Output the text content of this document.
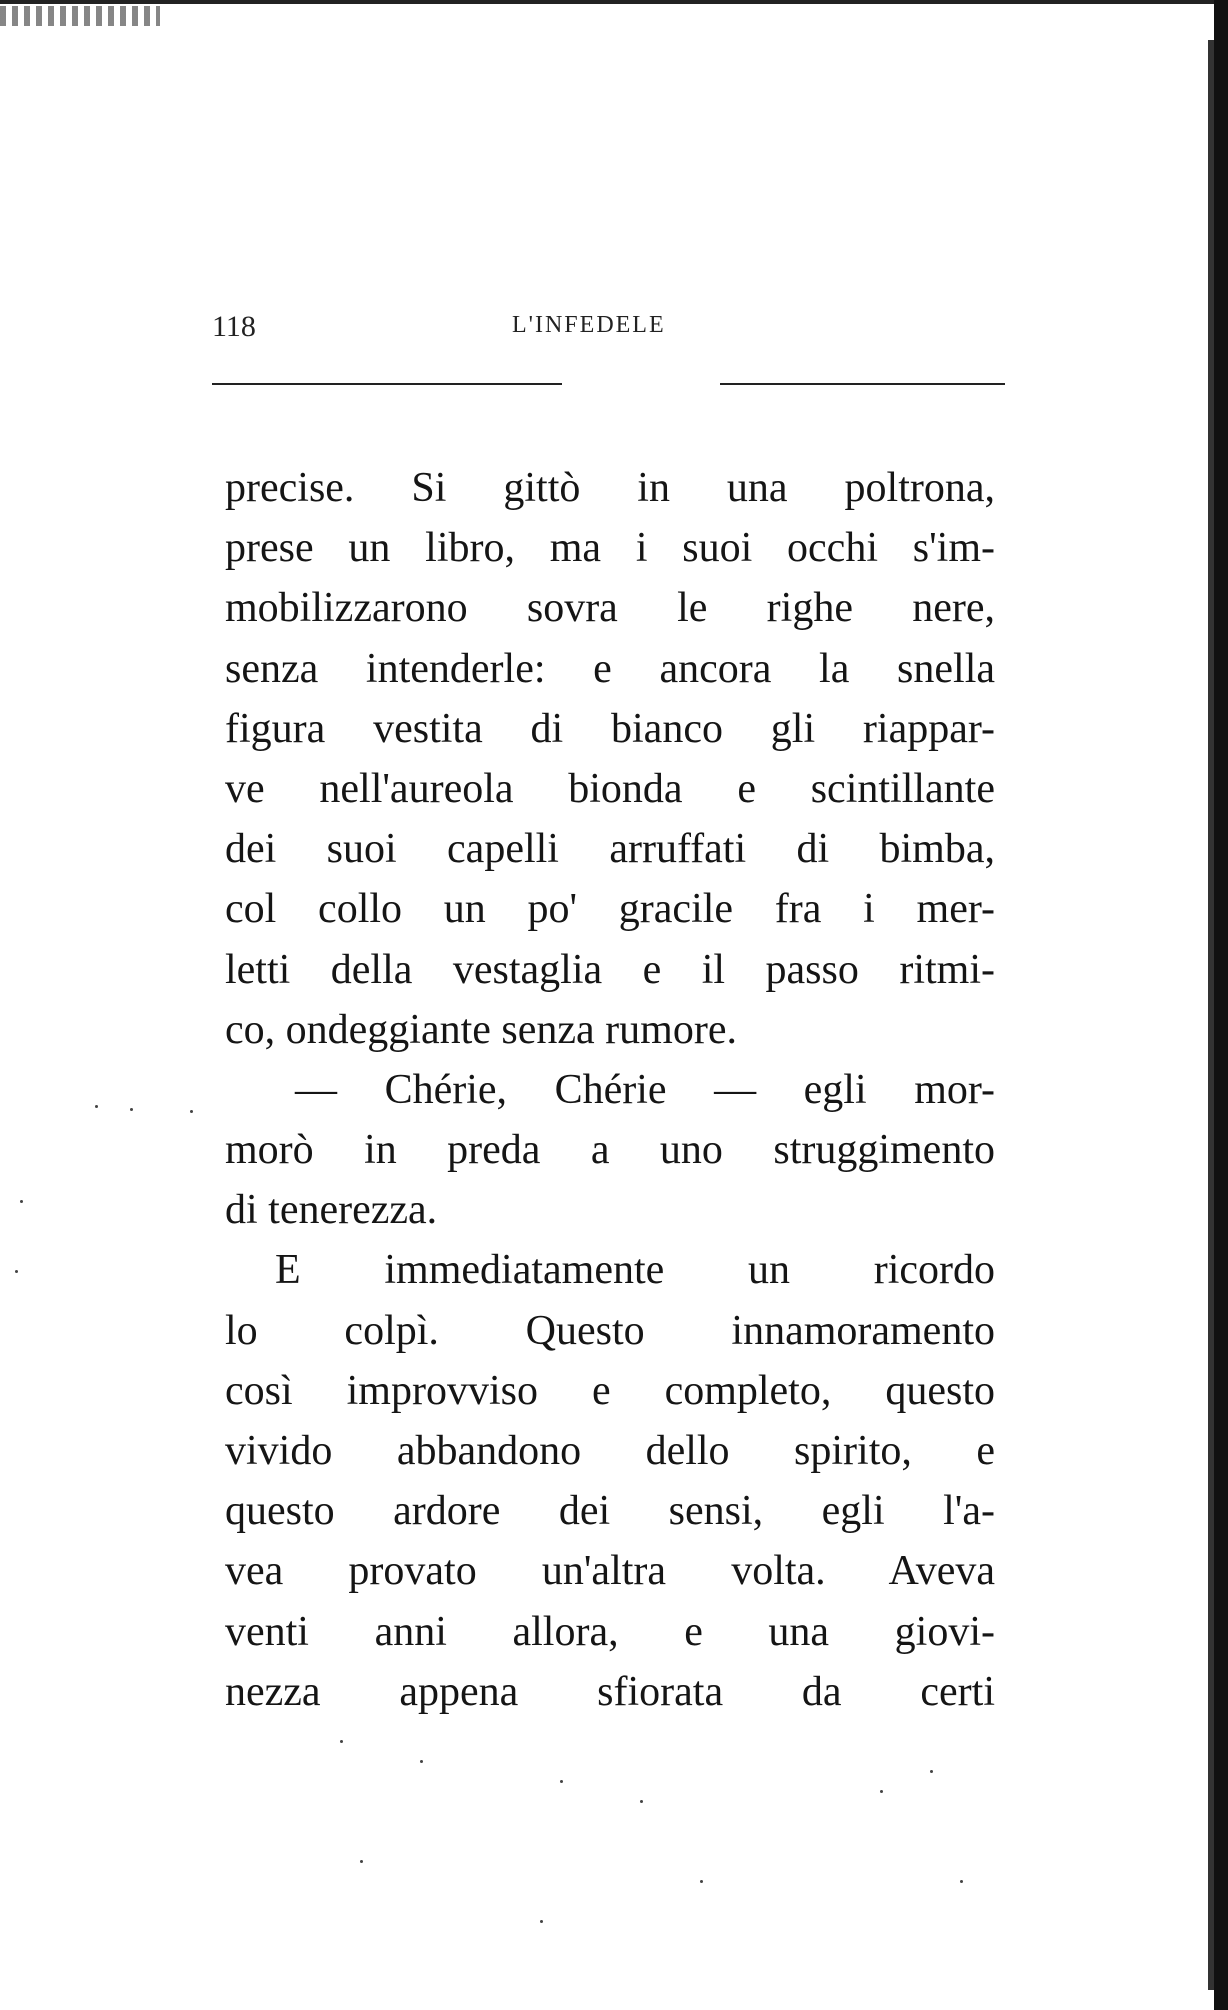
118	L'INFEDELE
precise. Si gittò in una poltrona,
prese un libro, ma i suoi occhi s'im-
mobilizzarono sovra le righe nere,
senza intenderle: e ancora la snella
figura vestita di bianco gli riappar-
ve nell'aureola bionda e scintillante
dei suoi capelli arruffati di bimba,
col collo un po' gracile fra i mer-
letti della vestaglia e il passo ritmi-
co, ondeggiante senza rumore.
— Chérie, Chérie — egli mor-
morò in preda a uno struggimento
di tenerezza.
E immediatamente un ricordo
lo colpì. Questo innamoramento
così improvviso e completo, questo
vivido abbandono dello spirito, e
questo ardore dei sensi, egli l'a-
vea provato un'altra volta. Aveva
venti anni allora, e una giovi-
nezza appena sfiorata da certi
